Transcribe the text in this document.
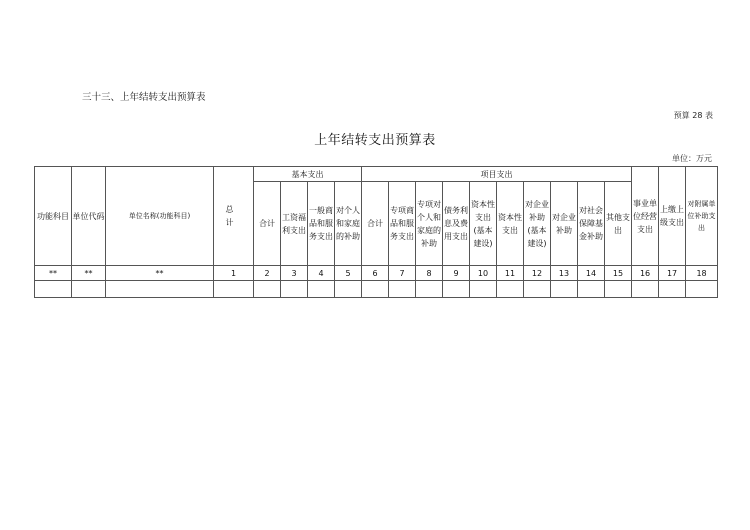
三十三、上年结转支出预算表
预算 28 表
上年结转支出预算表
单位：万元
功能科目	单位代码	单位名称(功能科目)	总 计	基本支出				项目支出										事业单位经营支出	上缴上级支出	对附属单位补助支出
				合计	工资福利支出	一般商品和服务支出	对个人和家庭的补助	合计	专项商品和服务支出	专项对个人和家庭的补助	债务利息及费用支出	资本性支出(基本建设)	资本性支出	对企业补助(基本建设)	对企业补助	对社会保障基金补助	其他支出			
**	**	**	1	2	3	4	5	6	7	8	9	10	11	12	13	14	15	16	17	18
